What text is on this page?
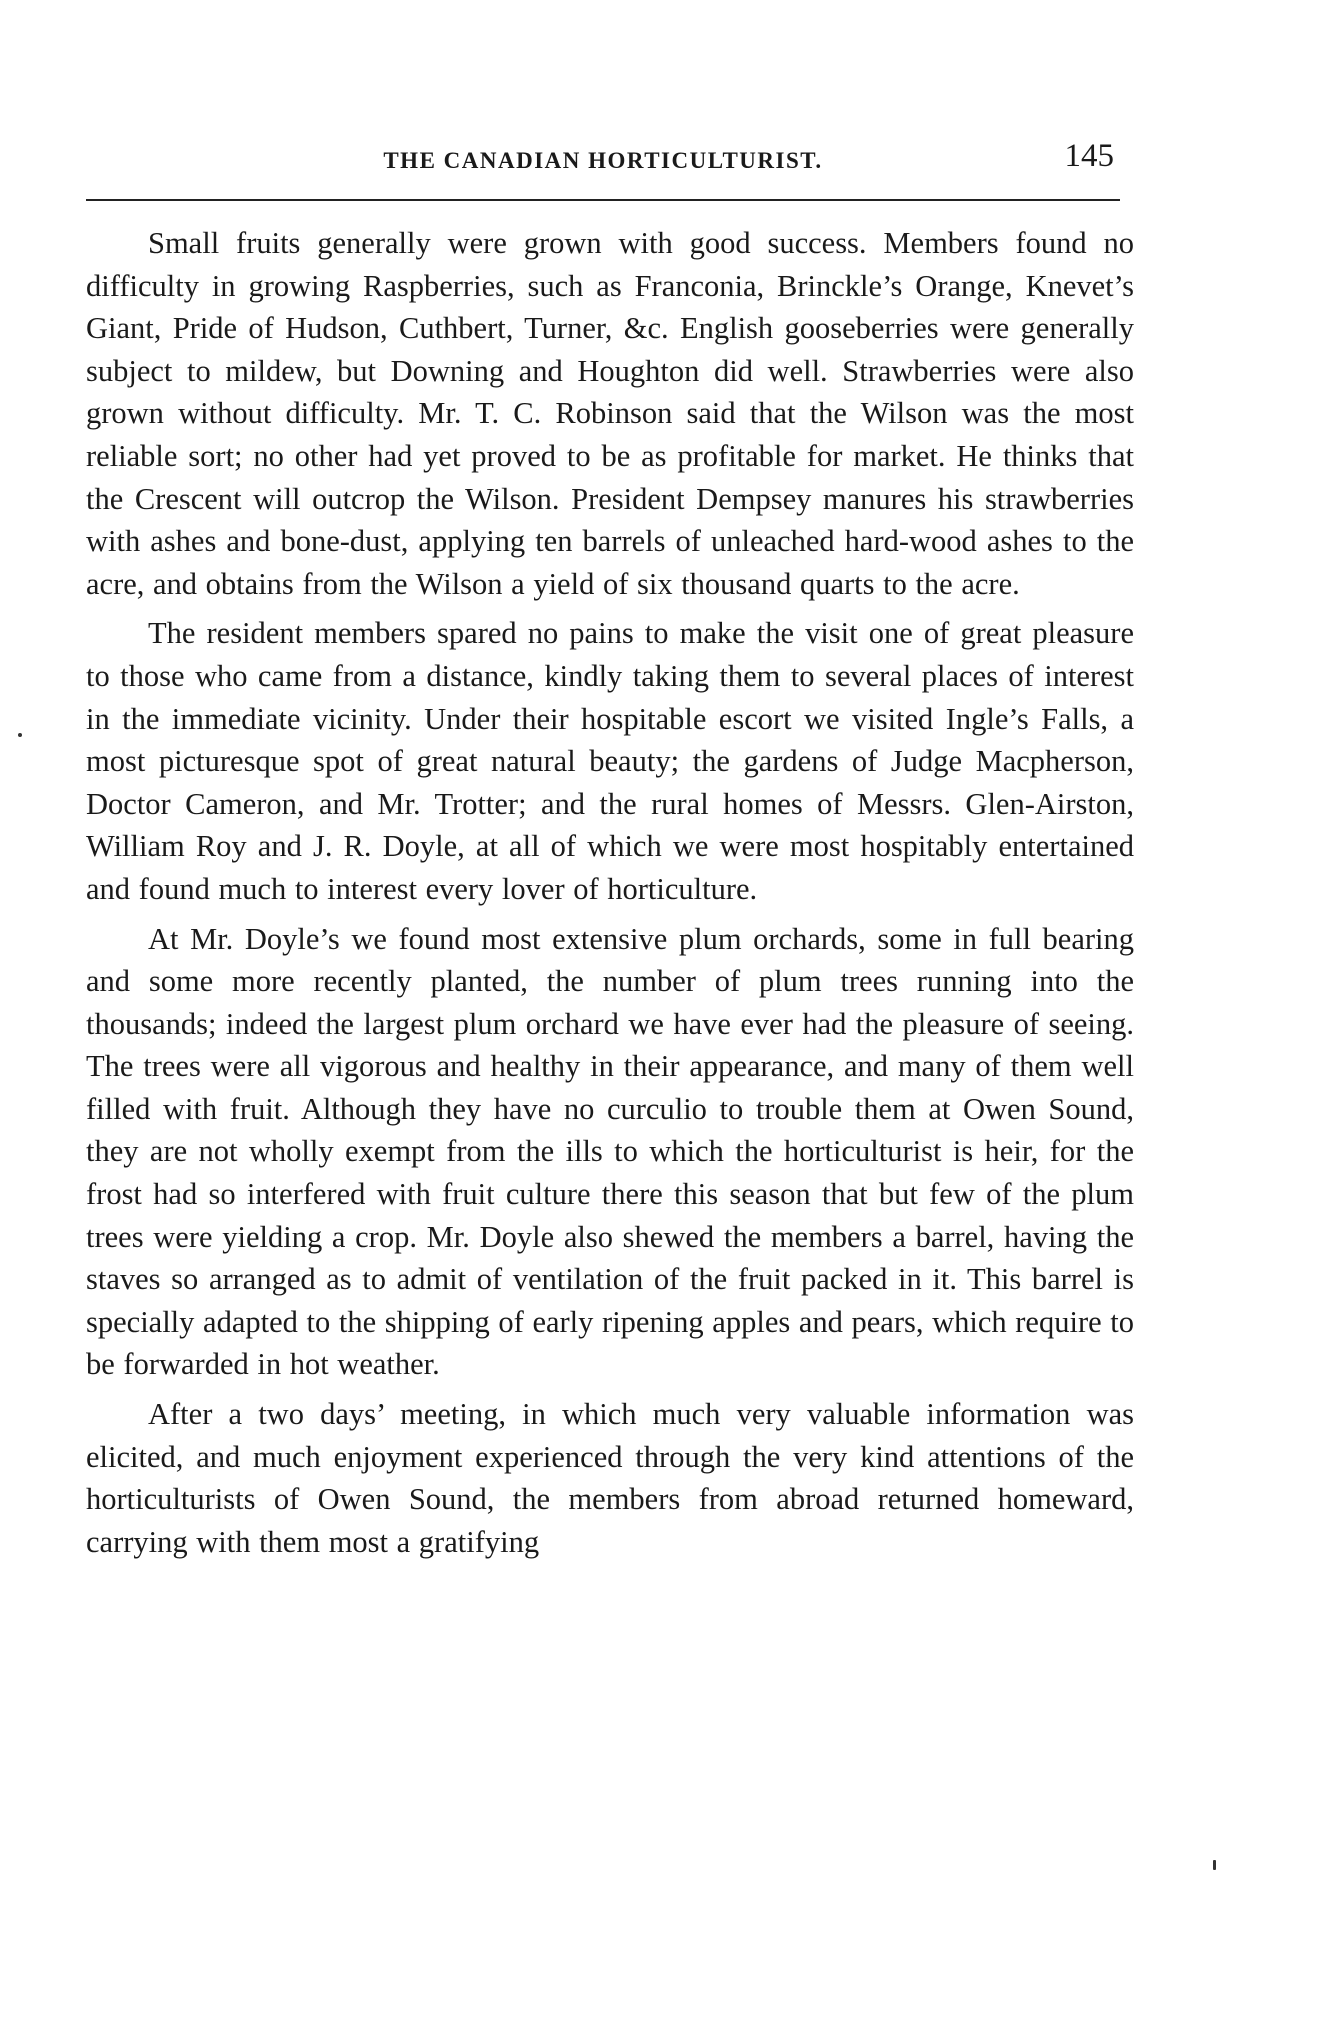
THE CANADIAN HORTICULTURIST.	145

Small fruits generally were grown with good success. Members found no difficulty in growing Raspberries, such as Franconia, Brinckle’s Orange, Knevet’s Giant, Pride of Hudson, Cuthbert, Turner, &c. English gooseberries were generally subject to mildew, but Downing and Houghton did well. Strawberries were also grown without difficulty. Mr. T. C. Robinson said that the Wilson was the most reliable sort; no other had yet proved to be as profitable for market. He thinks that the Crescent will outcrop the Wilson. President Dempsey manures his strawberries with ashes and bone-dust, applying ten barrels of unleached hard-wood ashes to the acre, and obtains from the Wilson a yield of six thousand quarts to the acre.

The resident members spared no pains to make the visit one of great pleasure to those who came from a distance, kindly taking them to several places of interest in the immediate vicinity. Under their hospitable escort we visited Ingle’s Falls, a most picturesque spot of great natural beauty; the gardens of Judge Macpherson, Doctor Cameron, and Mr. Trotter; and the rural homes of Messrs. Glen-Airston, William Roy and J. R. Doyle, at all of which we were most hospitably entertained and found much to interest every lover of horticulture.

At Mr. Doyle’s we found most extensive plum orchards, some in full bearing and some more recently planted, the number of plum trees running into the thousands; indeed the largest plum orchard we have ever had the pleasure of seeing. The trees were all vigorous and healthy in their appearance, and many of them well filled with fruit. Although they have no curculio to trouble them at Owen Sound, they are not wholly exempt from the ills to which the horticulturist is heir, for the frost had so interfered with fruit culture there this season that but few of the plum trees were yielding a crop. Mr. Doyle also shewed the members a barrel, having the staves so arranged as to admit of ventilation of the fruit packed in it. This barrel is specially adapted to the shipping of early ripening apples and pears, which require to be forwarded in hot weather.

After a two days’ meeting, in which much very valuable information was elicited, and much enjoyment experienced through the very kind attentions of the horticulturists of Owen Sound, the members from abroad returned homeward, carrying with them most a gratifying
